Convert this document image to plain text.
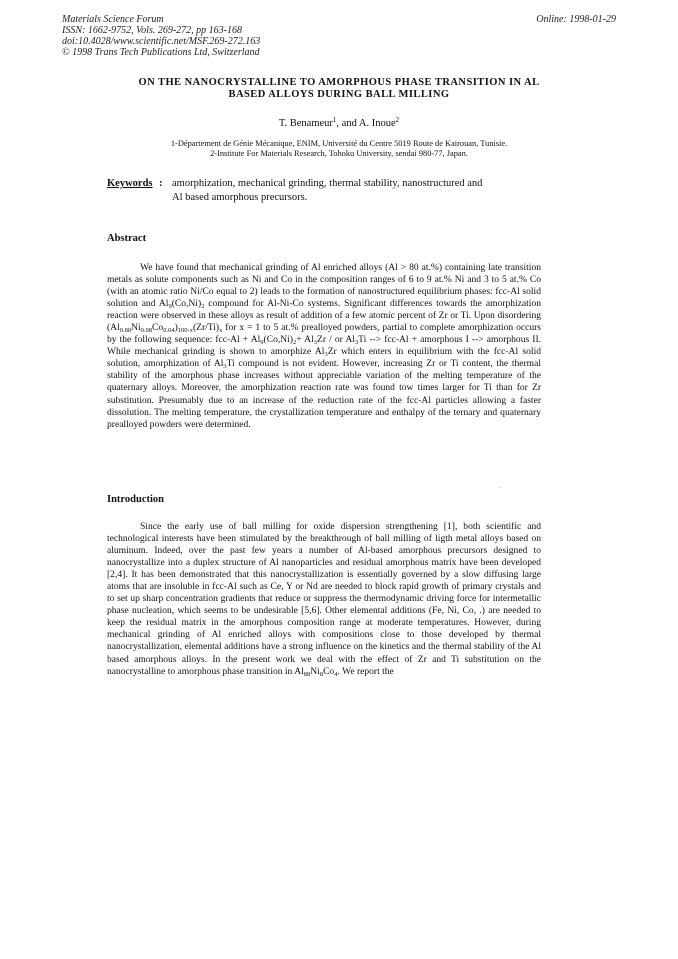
Materials Science Forum
ISSN: 1662-9752, Vols. 269-272, pp 163-168
doi:10.4028/www.scientific.net/MSF.269-272.163
© 1998 Trans Tech Publications Ltd, Switzerland
Online: 1998-01-29
ON THE NANOCRYSTALLINE TO AMORPHOUS PHASE TRANSITION IN AL
BASED ALLOYS DURING BALL MILLING
T. Benameur$^1$, and A. Inoue$^2$
1-Département de Génie Mécanique, ENIM, Université du Centre 5019 Route de Kairouan, Tunisie.
2-Institute For Materials Research, Tohoku University, sendai 980-77, Japan.
Keywords : amorphization, mechanical grinding, thermal stability, nanostructured and Al based amorphous precursors.
Abstract
We have found that mechanical grinding of Al enriched alloys (Al > 80 at.%) containing late transition metals as solute components such as Ni and Co in the composition ranges of 6 to 9 at.% Ni and 3 to 5 at.% Co (with an atomic ratio Ni/Co equal to 2) leads to the formation of nanostructured equilibrium phases: fcc-Al solid solution and $Al_9(Co,Ni)_2$ compound for Al-Ni-Co systems. Significant differences towards the amorphization reaction were observed in these alloys as result of addition of a few atomic percent of Zr or Ti. Upon disordering $(Al_{0.88}Ni_{0.08}Co_{0.04})_{100-x}(Zr/Ti)_x$ for x = 1 to 5 at.% prealloyed powders, partial to complete amorphization occurs by the following sequence: $fcc-Al + Al_9(Co,Ni)_2+ Al_3Zr$ / or $Al_3Ti$ --> fcc-Al + amorphous I --> amorphous II. While mechanical grinding is shown to amorphize $Al_3Zr$ which enters in equilibrium with the fcc-Al solid solution, amorphization of $Al_3Ti$ compound is not evident. However, increasing Zr or Ti content, the thermal stability of the amorphous phase increases without appreciable variation of the melting temperature of the quaternary alloys. Moreover, the amorphization reaction rate was found tow times larger for Ti than for Zr substitution. Presumably due to an increase of the reduction rate of the fcc-Al particles allowing a faster dissolution. The melting temperature, the crystallization temperature and enthalpy of the ternary and quaternary prealloyed powders were determined.
Introduction
Since the early use of ball milling for oxide dispersion strengthening [1], both scientific and technological interests have been stimulated by the breakthrough of ball milling of ligth metal alloys based on aluminum. Indeed, over the past few years a number of Al-based amorphous precursors designed to nanocrystallize into a duplex structure of Al nanoparticles and residual amorphous matrix have been developed [2,4]. It has been demonstrated that this nanocrystallization is essentially governed by a slow diffusing large atoms that are insoluble in fcc-Al such as Ce, Y or Nd are needed to block rapid growth of primary crystals and to set up sharp concentration gradients that reduce or suppress the thermodynamic driving force for intermetallic phase nucleation, which seems to be undesirable [5,6]. Other elemental additions (Fe, Ni, Co, .) are needed to keep the residual matrix in the amorphous composition range at moderate temperatures. However, during mechanical grinding of Al enriched alloys with compositions close to those developed by thermal nanocrystallization, elemental additions have a strong influence on the kinetics and the thermal stability of the Al based amorphous alloys. In the present work we deal with the effect of Zr and Ti substitution on the nanocrystalline to amorphous phase transition in $Al_{88}Ni_8Co_4$. We report the
